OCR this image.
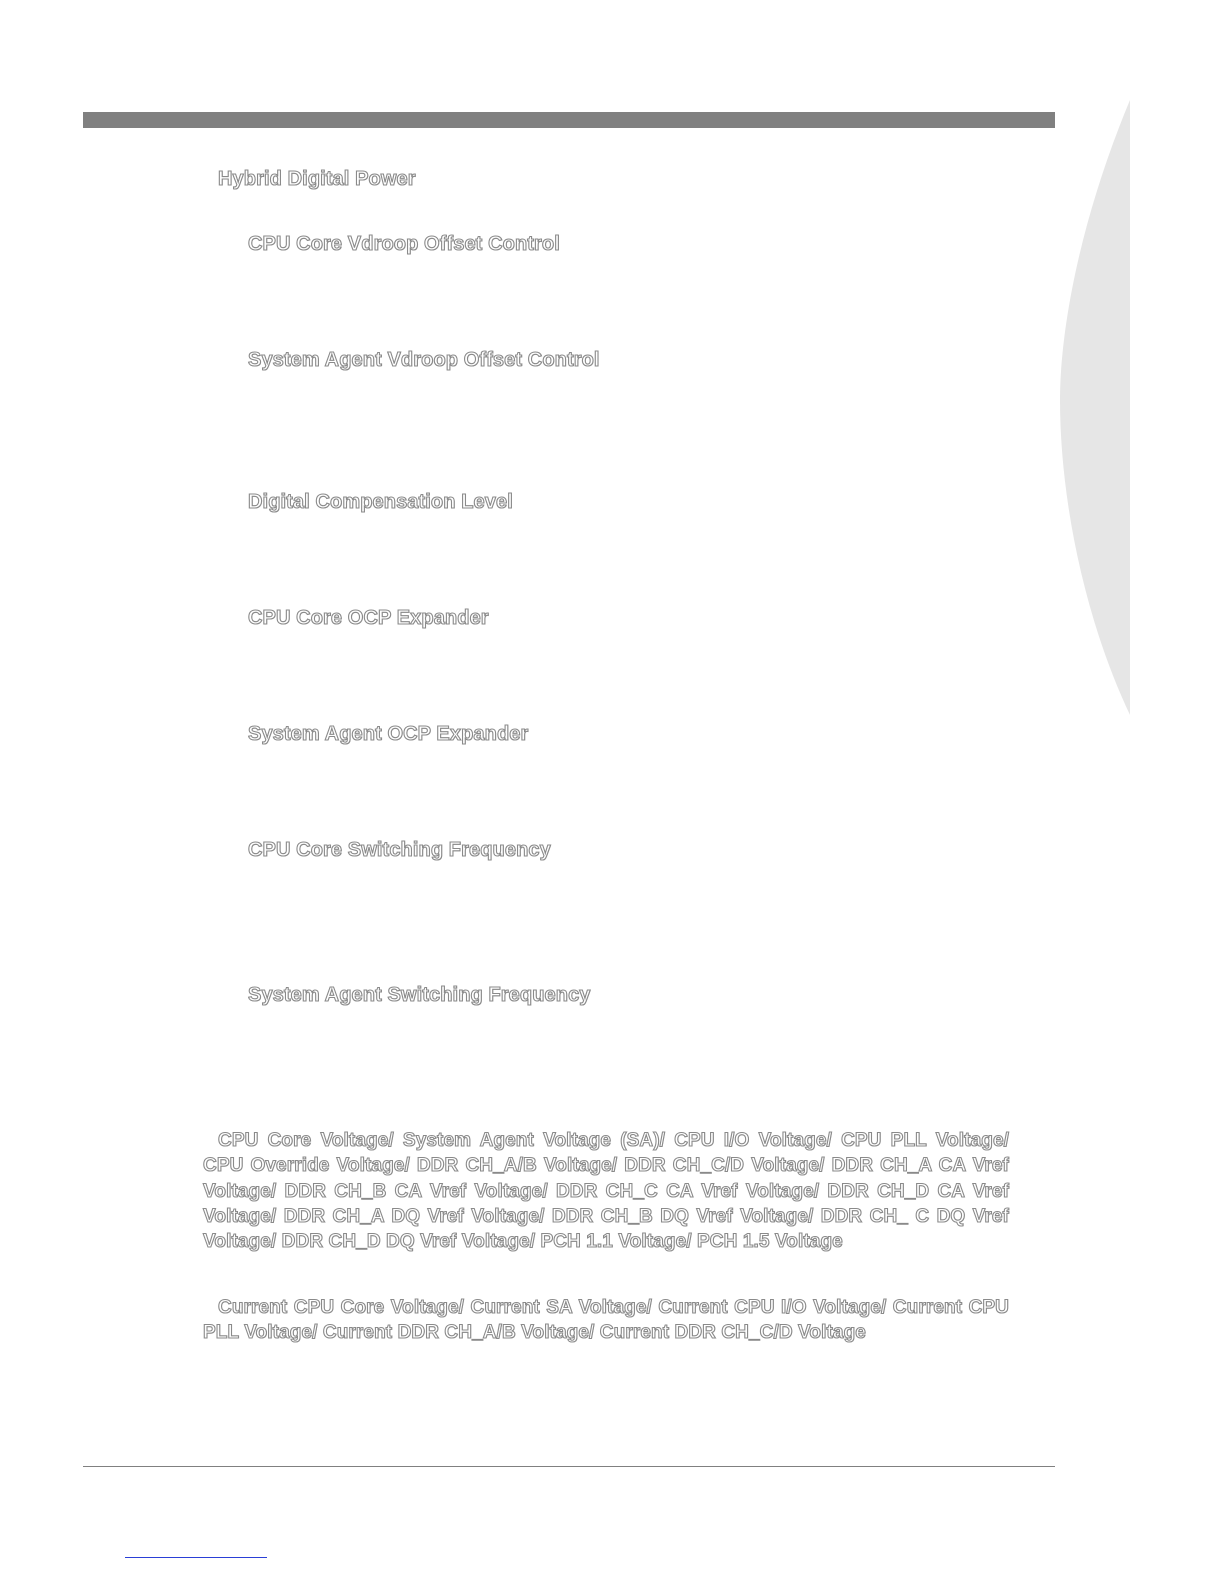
Hybrid Digital Power
CPU Core Vdroop Offset Control
System Agent Vdroop Offset Control
Digital Compensation Level
CPU Core OCP Expander
System Agent OCP Expander
CPU Core Switching Frequency
System Agent Switching Frequency

CPU Core Voltage/ System Agent Voltage (SA)/ CPU I/O Voltage/ CPU PLL Voltage/ CPU Override Voltage/ DDR CH_A/B Voltage/ DDR CH_C/D Voltage/ DDR CH_A CA Vref Voltage/ DDR CH_B CA Vref Voltage/ DDR CH_C CA Vref Voltage/ DDR CH_D CA Vref Voltage/ DDR CH_A DQ Vref Voltage/ DDR CH_B DQ Vref Voltage/ DDR CH_ C DQ Vref Voltage/ DDR CH_D DQ Vref Voltage/ PCH 1.1 Voltage/ PCH 1.5 Voltage

Current CPU Core Voltage/ Current SA Voltage/ Current CPU I/O Voltage/ Current CPU PLL Voltage/ Current DDR CH_A/B Voltage/ Current DDR CH_C/D Voltage
